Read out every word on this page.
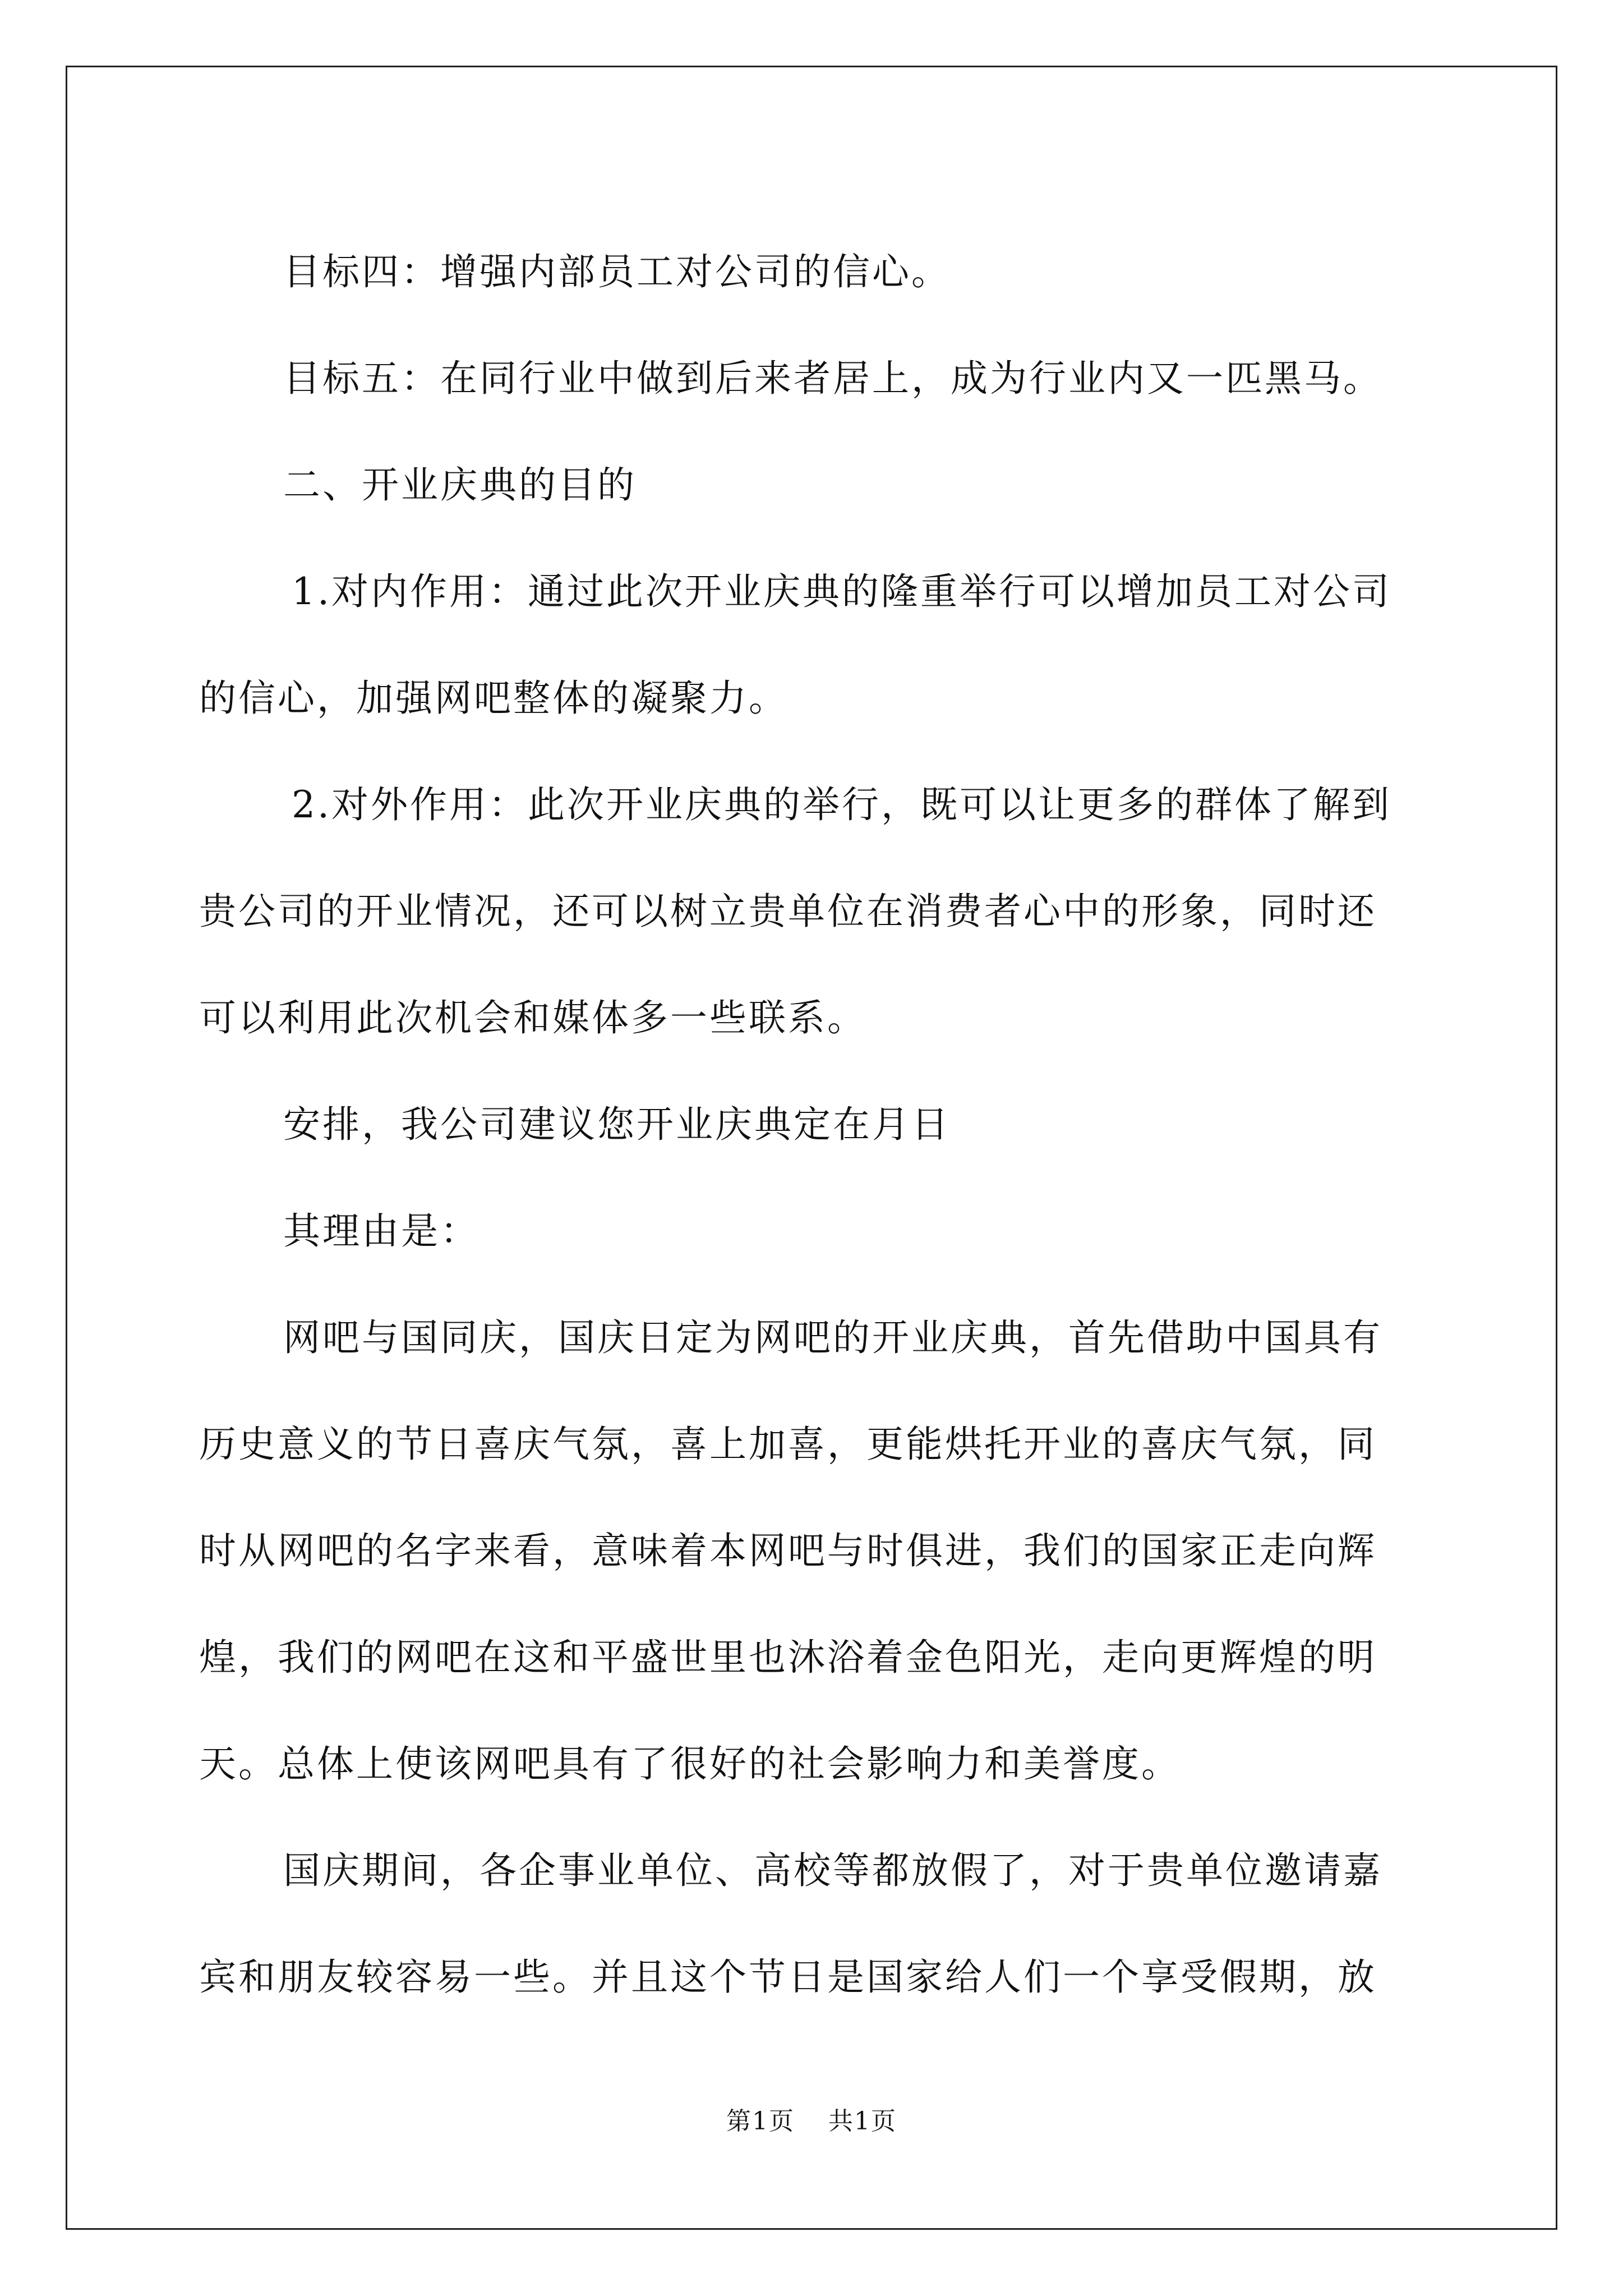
目标四：增强内部员工对公司的信心。

目标五：在同行业中做到后来者居上，成为行业内又一匹黑马。

二、开业庆典的目的

1.对内作用：通过此次开业庆典的隆重举行可以增加员工对公司

的信心，加强网吧整体的凝聚力。

2.对外作用：此次开业庆典的举行，既可以让更多的群体了解到

贵公司的开业情况，还可以树立贵单位在消费者心中的形象，同时还

可以利用此次机会和媒体多一些联系。

安排，我公司建议您开业庆典定在月日

其理由是：

网吧与国同庆，国庆日定为网吧的开业庆典，首先借助中国具有

历史意义的节日喜庆气氛，喜上加喜，更能烘托开业的喜庆气氛，同

时从网吧的名字来看，意味着本网吧与时俱进，我们的国家正走向辉

煌，我们的网吧在这和平盛世里也沐浴着金色阳光，走向更辉煌的明

天。总体上使该网吧具有了很好的社会影响力和美誉度。

国庆期间，各企事业单位、高校等都放假了，对于贵单位邀请嘉

宾和朋友较容易一些。并且这个节日是国家给人们一个享受假期，放

第1页 共1页
